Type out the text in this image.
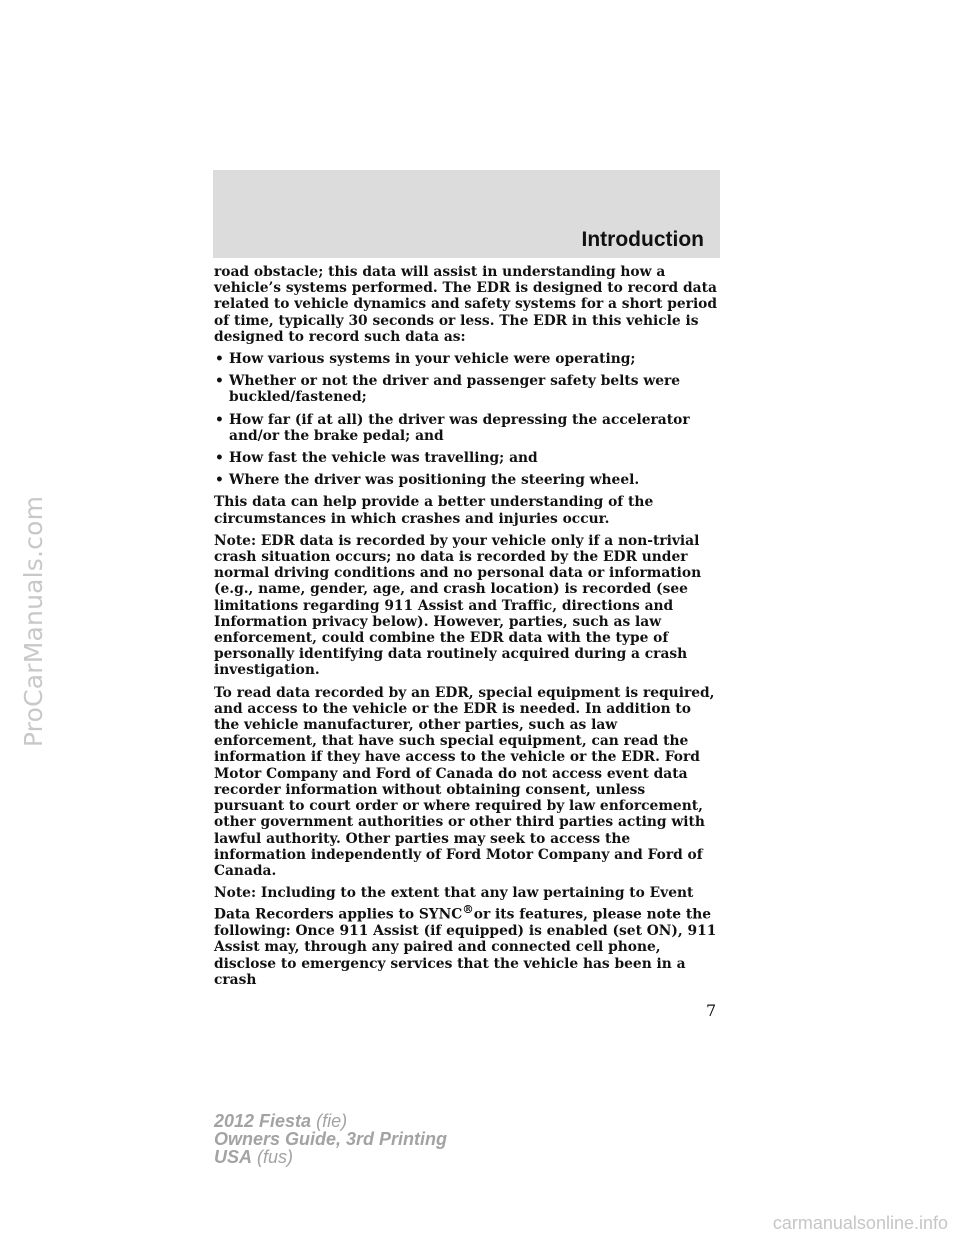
ProCarManuals.com
Introduction

road obstacle; this data will assist in understanding how a vehicle’s systems performed. The EDR is designed to record data related to vehicle dynamics and safety systems for a short period of time, typically 30 seconds or less. The EDR in this vehicle is designed to record such data as:

• How various systems in your vehicle were operating;
• Whether or not the driver and passenger safety belts were buckled/fastened;
• How far (if at all) the driver was depressing the accelerator and/or the brake pedal; and
• How fast the vehicle was travelling; and
• Where the driver was positioning the steering wheel.

This data can help provide a better understanding of the circumstances in which crashes and injuries occur.

Note: EDR data is recorded by your vehicle only if a non-trivial crash situation occurs; no data is recorded by the EDR under normal driving conditions and no personal data or information (e.g., name, gender, age, and crash location) is recorded (see limitations regarding 911 Assist and Traffic, directions and Information privacy below). However, parties, such as law enforcement, could combine the EDR data with the type of personally identifying data routinely acquired during a crash investigation.

To read data recorded by an EDR, special equipment is required, and access to the vehicle or the EDR is needed. In addition to the vehicle manufacturer, other parties, such as law enforcement, that have such special equipment, can read the information if they have access to the vehicle or the EDR. Ford Motor Company and Ford of Canada do not access event data recorder information without obtaining consent, unless pursuant to court order or where required by law enforcement, other government authorities or other third parties acting with lawful authority. Other parties may seek to access the information independently of Ford Motor Company and Ford of Canada.

Note: Including to the extent that any law pertaining to Event Data Recorders applies to SYNC®or its features, please note the following: Once 911 Assist (if equipped) is enabled (set ON), 911 Assist may, through any paired and connected cell phone, disclose to emergency services that the vehicle has been in a crash

7
2012 Fiesta (fie)
Owners Guide, 3rd Printing
USA (fus)
carmanualsonline.info
